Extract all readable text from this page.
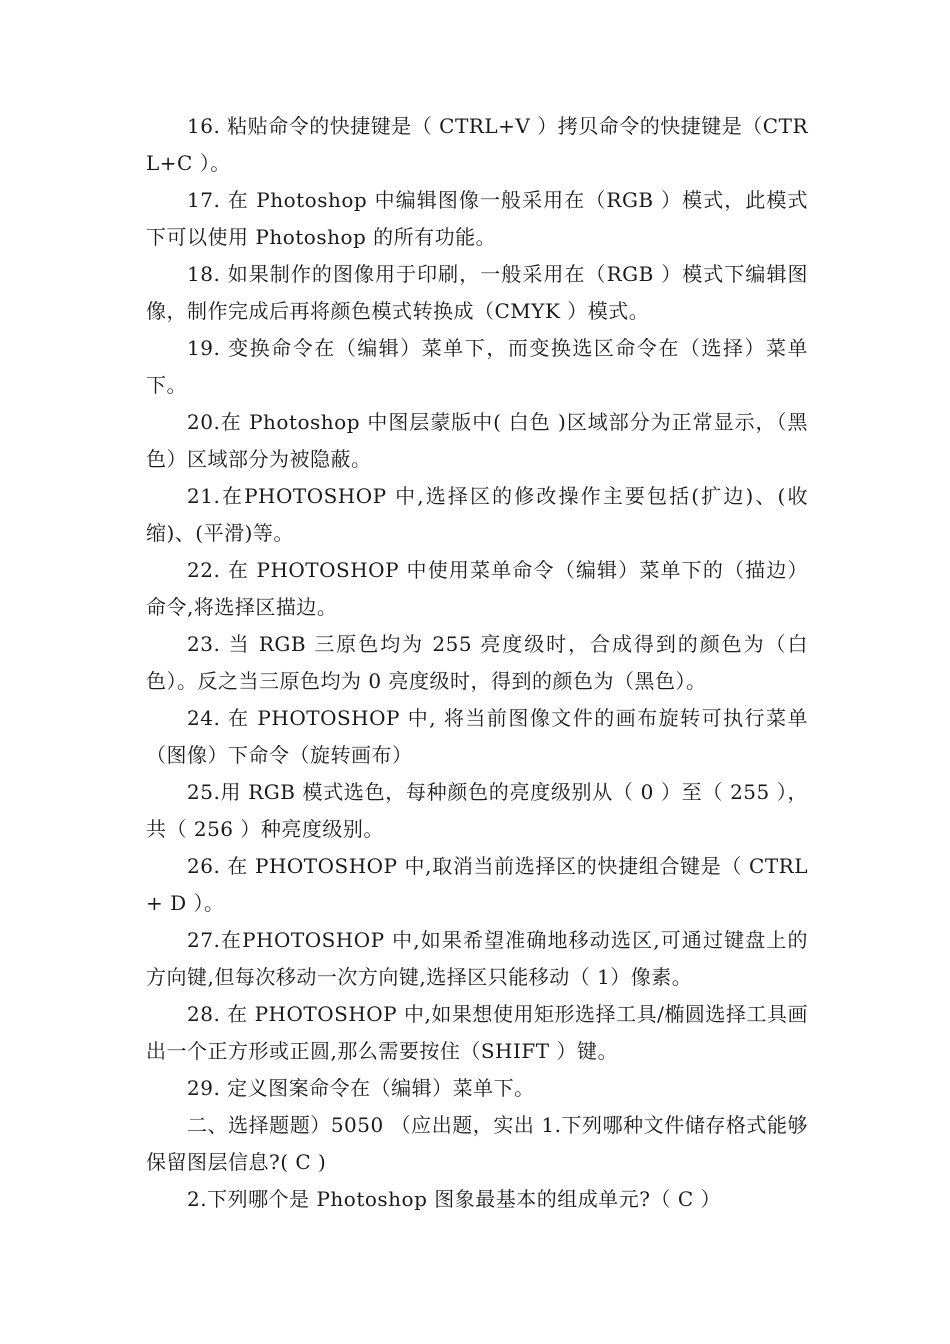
16. 粘贴命令的快捷键是（ CTRL+V ）拷贝命令的快捷键是（CTRL+C ）。

17. 在 Photoshop 中编辑图像一般采用在（RGB ）模式，此模式下可以使用 Photoshop 的所有功能。

18. 如果制作的图像用于印刷，一般采用在（RGB ）模式下编辑图像，制作完成后再将颜色模式转换成（CMYK ）模式。

19. 变换命令在（编辑）菜单下，而变换选区命令在（选择）菜单下。

20.在 Photoshop 中图层蒙版中( 白色 )区域部分为正常显示，（黑色）区域部分为被隐蔽。

21.在PHOTOSHOP 中,选择区的修改操作主要包括(扩边)、(收缩)、(平滑)等。

22. 在 PHOTOSHOP 中使用菜单命令（编辑）菜单下的（描边）命令,将选择区描边。

23. 当 RGB 三原色均为 255 亮度级时，合成得到的颜色为（白色）。反之当三原色均为 0 亮度级时，得到的颜色为（黑色）。

24. 在 PHOTOSHOP 中, 将当前图像文件的画布旋转可执行菜单（图像）下命令（旋转画布）

25.用 RGB 模式选色，每种颜色的亮度级别从（ 0 ）至（ 255 ），共（ 256 ）种亮度级别。

26. 在 PHOTOSHOP 中,取消当前选择区的快捷组合键是（ CTRL+ D ）。

27.在PHOTOSHOP 中,如果希望准确地移动选区,可通过键盘上的方向键,但每次移动一次方向键,选择区只能移动（ 1）像素。

28. 在 PHOTOSHOP 中,如果想使用矩形选择工具/椭圆选择工具画出一个正方形或正圆,那么需要按住（SHIFT ）键。

29. 定义图案命令在（编辑）菜单下。

二、选择题题）5050 （应出题，实出 1.下列哪种文件储存格式能够保留图层信息?( C )

2.下列哪个是 Photoshop 图象最基本的组成单元?（ C ）
